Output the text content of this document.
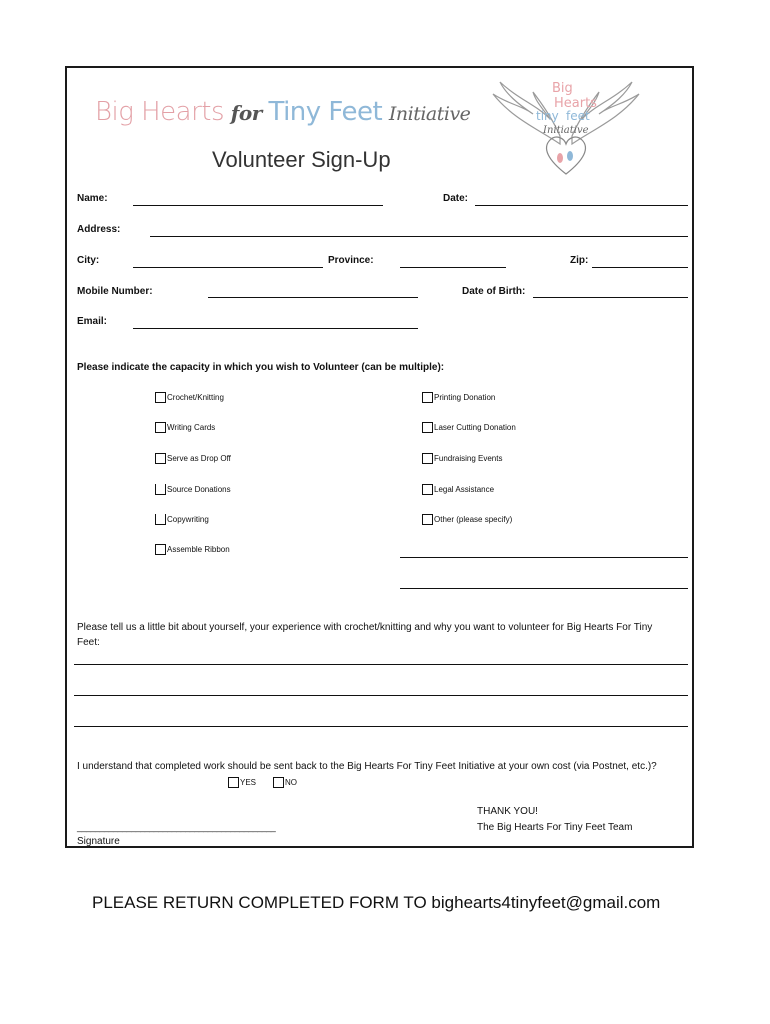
Big Hearts for Tiny Feet Initiative
Big
Hearts
tiny feet
Initiative
Volunteer Sign-Up
Name:	Date:
Address:
City:	Province:	Zip:
Mobile Number:	Date of Birth:
Email:
Please indicate the capacity in which you wish to Volunteer (can be multiple):
Crochet/Knitting
Writing Cards
Serve as Drop Off
Source Donations
Copywriting
Assemble Ribbon
Printing Donation
Laser Cutting Donation
Fundraising Events
Legal Assistance
Other (please specify)
Please tell us a little bit about yourself, your experience with crochet/knitting and why you want to volunteer for Big Hearts For Tiny Feet:
I understand that completed work should be sent back to the Big Hearts For Tiny Feet Initiative at your own cost (via Postnet, etc.)?
YES	NO
THANK YOU!
The Big Hearts For Tiny Feet Team
____________________________________________
Signature
PLEASE RETURN COMPLETED FORM TO bighearts4tinyfeet@gmail.com
